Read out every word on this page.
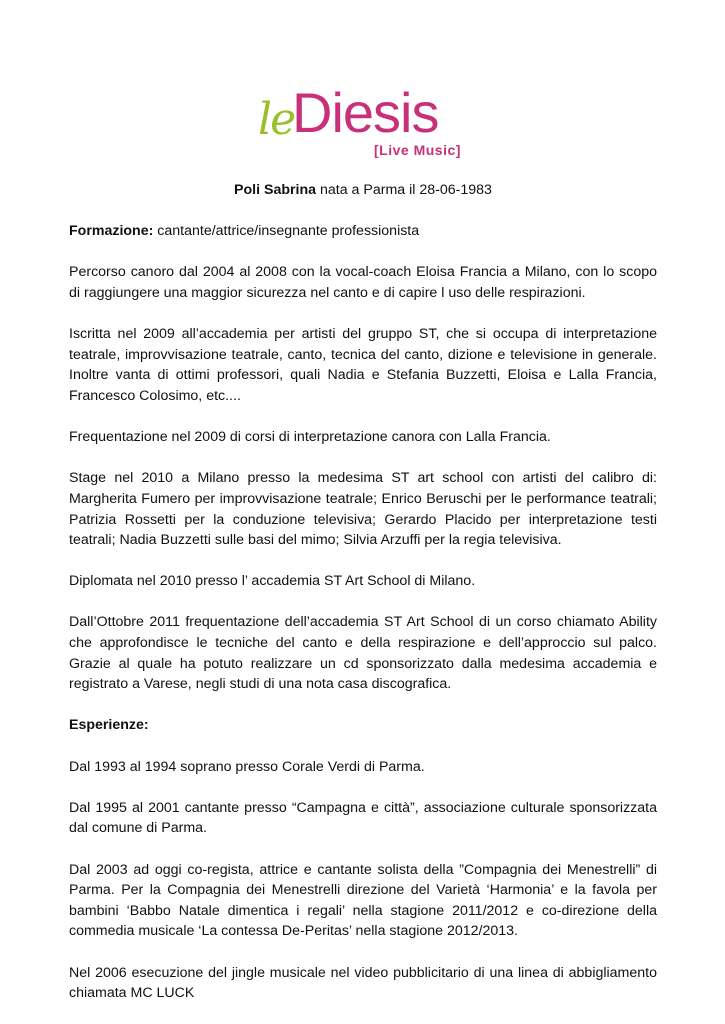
le
Diesis
[Live Music]

Poli Sabrina nata a Parma il 28-06-1983

Formazione: cantante/attrice/insegnante professionista

Percorso canoro dal 2004 al 2008 con la vocal-coach Eloisa Francia a Milano, con lo scopo di raggiungere una maggior sicurezza nel canto e di capire l uso delle respirazioni.

Iscritta nel 2009 all’accademia per artisti del gruppo ST, che si occupa di interpretazione teatrale, improvvisazione teatrale, canto, tecnica del canto, dizione e televisione in generale. Inoltre vanta di ottimi professori, quali Nadia e Stefania Buzzetti, Eloisa e Lalla Francia, Francesco Colosimo, etc....

Frequentazione nel 2009 di corsi di interpretazione canora con Lalla Francia.

Stage nel 2010 a Milano presso la medesima ST art school con artisti del calibro di: Margherita Fumero per improvvisazione teatrale; Enrico Beruschi per le performance teatrali; Patrizia Rossetti per la conduzione televisiva; Gerardo Placido per interpretazione testi teatrali; Nadia Buzzetti sulle basi del mimo; Silvia Arzuffi per la regia televisiva.

Diplomata nel 2010 presso l’ accademia ST Art School di Milano.

Dall’Ottobre 2011 frequentazione dell’accademia ST Art School di un corso chiamato Ability che approfondisce le tecniche del canto e della respirazione e dell’approccio sul palco. Grazie al quale ha potuto realizzare un cd sponsorizzato dalla medesima accademia e registrato a Varese, negli studi di una nota casa discografica.

Esperienze:

Dal 1993 al 1994 soprano presso Corale Verdi di Parma.

Dal 1995 al 2001 cantante presso “Campagna e città”, associazione culturale sponsorizzata dal comune di Parma.

Dal 2003 ad oggi co-regista, attrice e cantante solista della ”Compagnia dei Menestrelli” di Parma. Per la Compagnia dei Menestrelli direzione del Varietà ‘Harmonia’ e la favola per bambini ‘Babbo Natale dimentica i regali’ nella stagione 2011/2012 e co-direzione della commedia musicale ‘La contessa De-Peritas’ nella stagione 2012/2013.

Nel 2006 esecuzione del jingle musicale nel video pubblicitario di una linea di abbigliamento chiamata MC LUCK
